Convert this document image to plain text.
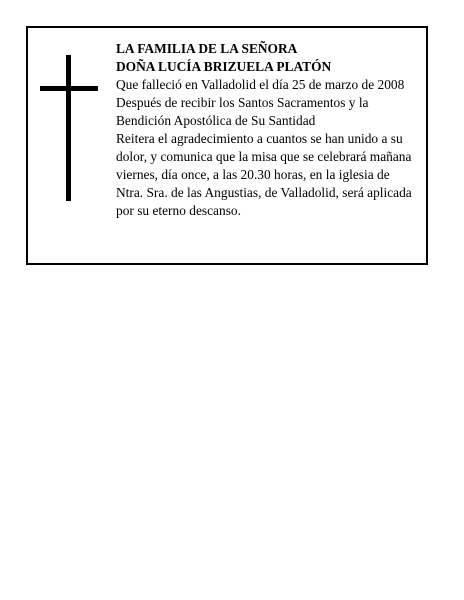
LA FAMILIA DE LA SEÑORA

DOÑA LUCÍA BRIZUELA PLATÓN

Que falleció en Valladolid el día 25 de marzo de 2008

Después de recibir los Santos Sacramentos y la

Bendición Apostólica de Su Santidad

Reitera el agradecimiento a cuantos se han unido a su

dolor, y comunica que la misa que se celebrará mañana

viernes, día once, a las 20.30 horas, en la iglesia de

Ntra. Sra. de las Angustias, de Valladolid, será aplicada

por su eterno descanso.
